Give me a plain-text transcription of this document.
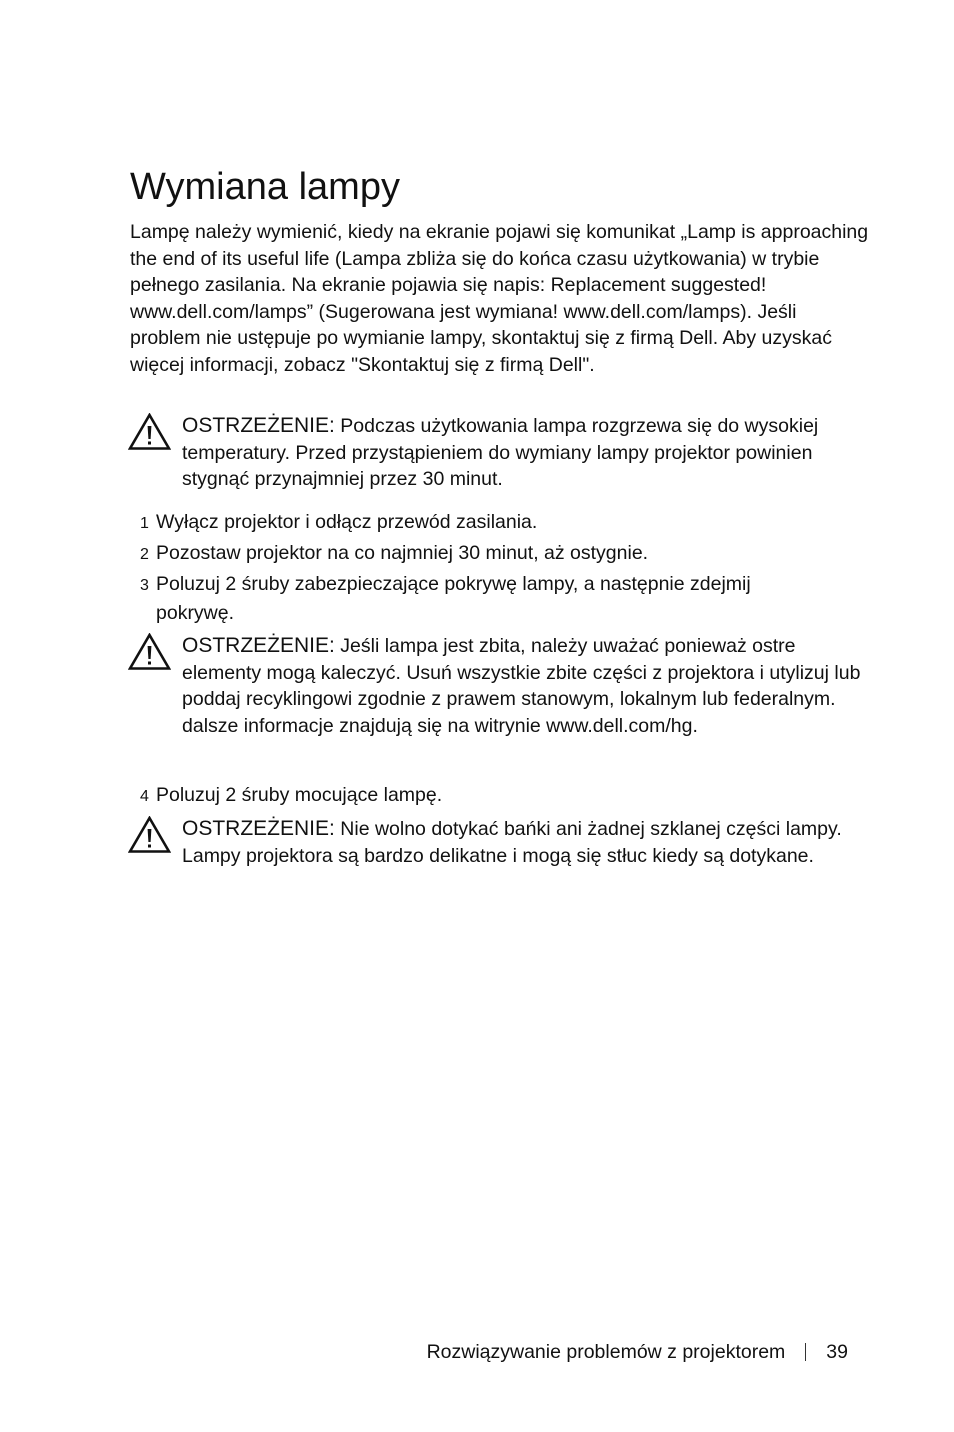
Wymiana lampy

Lampę należy wymienić, kiedy na ekranie pojawi się komunikat „Lamp is approaching the end of its useful life (Lampa zbliża się do końca czasu użytkowania) w trybie pełnego zasilania. Na ekranie pojawia się napis: Replacement suggested! www.dell.com/lamps” (Sugerowana jest wymiana! www.dell.com/lamps). Jeśli problem nie ustępuje po wymianie lampy, skontaktuj się z firmą Dell. Aby uzyskać więcej informacji, zobacz "Skontaktuj się z firmą Dell".

OSTRZEŻENIE: Podczas użytkowania lampa rozgrzewa się do wysokiej temperatury. Przed przystąpieniem do wymiany lampy projektor powinien stygnąć przynajmniej przez 30 minut.

1 Wyłącz projektor i odłącz przewód zasilania.

2 Pozostaw projektor na co najmniej 30 minut, aż ostygnie.

3 Poluzuj 2 śruby zabezpieczające pokrywę lampy, a następnie zdejmij
pokrywę.

OSTRZEŻENIE: Jeśli lampa jest zbita, należy uważać ponieważ ostre elementy mogą kaleczyć. Usuń wszystkie zbite części z projektora i utylizuj lub poddaj recyklingowi zgodnie z prawem stanowym, lokalnym lub federalnym. dalsze informacje znajdują się na witrynie www.dell.com/hg.

4 Poluzuj 2 śruby mocujące lampę.

OSTRZEŻENIE: Nie wolno dotykać bańki ani żadnej szklanej części lampy. Lampy projektora są bardzo delikatne i mogą się stłuc kiedy są dotykane.

Rozwiązywanie problemów z projektorem 39
